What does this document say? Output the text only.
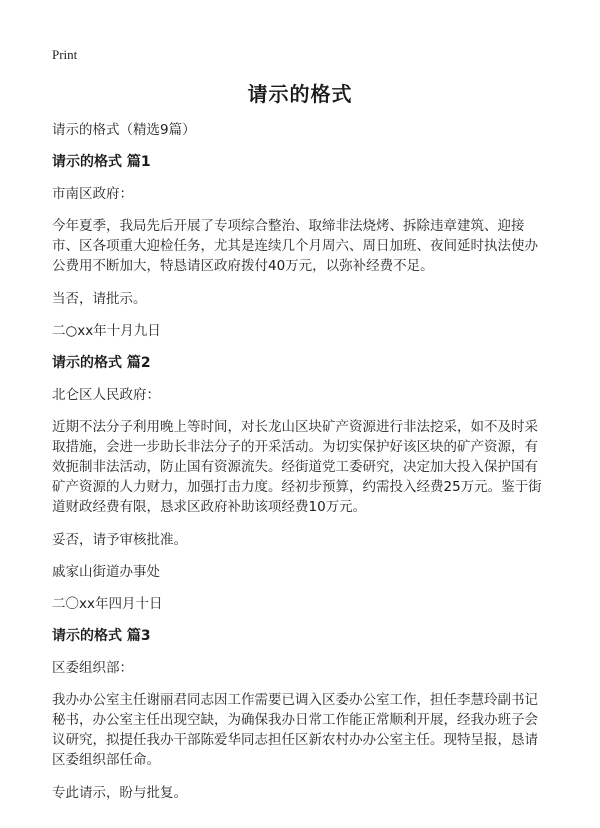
Print
请示的格式

请示的格式（精选9篇）

请示的格式 篇1

市南区政府：

今年夏季，我局先后开展了专项综合整治、取缔非法烧烤、拆除违章建筑、迎接市、区各项重大迎检任务，尤其是连续几个月周六、周日加班、夜间延时执法使办公费用不断加大，特恳请区政府拨付40万元，以弥补经费不足。

当否，请批示。

二○xx年十月九日

请示的格式 篇2

北仑区人民政府：

近期不法分子利用晚上等时间，对长龙山区块矿产资源进行非法挖采，如不及时采取措施，会进一步助长非法分子的开采活动。为切实保护好该区块的矿产资源，有效扼制非法活动，防止国有资源流失。经街道党工委研究，决定加大投入保护国有矿产资源的人力财力，加强打击力度。经初步预算，约需投入经费25万元。鉴于街道财政经费有限，恳求区政府补助该项经费10万元。

妥否，请予审核批准。

戚家山街道办事处

二〇xx年四月十日

请示的格式 篇3

区委组织部：

我办办公室主任谢丽君同志因工作需要已调入区委办公室工作，担任李慧玲副书记秘书，办公室主任出现空缺，为确保我办日常工作能正常顺利开展，经我办班子会议研究，拟提任我办干部陈爱华同志担任区新农村办办公室主任。现特呈报，恳请区委组织部任命。

专此请示，盼与批复。
